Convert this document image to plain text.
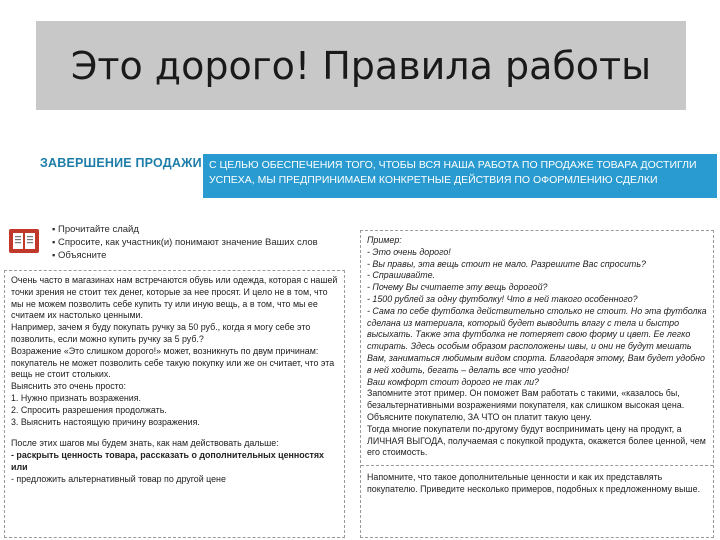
Это дорого! Правила работы
ЗАВЕРШЕНИЕ ПРОДАЖИ С ЦЕЛЬЮ ОБЕСПЕЧЕНИЯ ТОГО, ЧТОБЫ ВСЯ НАША РАБОТА ПО ПРОДАЖЕ ТОВАРА ДОСТИГЛИ УСПЕХА, МЫ ПРЕДПРИНИМАЕМ КОНКРЕТНЫЕ ДЕЙСТВИЯ ПО ОФОРМЛЕНИЮ СДЕЛКИ
▪ Прочитайте слайд
▪ Спросите, как участник(и) понимают значение Ваших слов
▪ Объясните

Очень часто в магазинах нам встречаются обувь или одежда, которая с нашей точки зрения не стоит тех денег, которые за нее просят. И цело не в том, что мы не можем позволить себе купить ту или иную вещь, а в том, что мы ее считаем их настолько ценными.

Например, зачем я буду покупать ручку за 50 руб., когда я могу себе это позволить, если можно купить ручку за 5 руб.?

Возражение «Это слишком дорого!» может, возникнуть по двум причинам: покупатель не может позволить себе такую покупку или же он считает, что эта вещь не стоит стольких.

Выяснить это очень просто:

1. Нужно признать возражения.

2. Спросить разрешения продолжать.

3. Выяснить настоящую причину возражения.

После этих шагов мы будем знать, как нам действовать дальше:

- раскрыть ценность товара, рассказать о дополнительных ценностях или

- предложить альтернативный товар по другой цене

Пример:

- Это очень дорого!

- Вы правы, эта вещь стоит не мало. Разрешите Вас спросить?

- Спрашивайте.

- Почему Вы считаете эту вещь дорогой?

- 1500 рублей за одну футболку! Что в ней такого особенного?

- Сама по себе футболка действительно столько не стоит. Но эта футболка сделана из материала, который будет выводить влагу с тела и быстро высыхать. Также эта футболка не потеряет свою форму и цвет. Ее легко стирать. Здесь особым образом расположены швы, и они не будут мешать Вам, заниматься любимым видом спорта. Благодаря этому, Вам будет удобно в ней ходить, бегать – делать все что угодно!

Ваш комфорт стоит дорого не так ли?

Запомните этот пример. Он поможет Вам работать с такими, «казалось бы, безальтернативными возражениями покупателя, как слишком высокая цена. Объясните покупателю, ЗА ЧТО он платит такую цену.

Тогда многие покупатели по-другому будут воспринимать цену на продукт, а ЛИЧНАЯ ВЫГОДА, получаемая с покупкой продукта, окажется более ценной, чем его стоимость.

Напомните, что такое дополнительные ценности и как их представлять покупателю. Приведите несколько примеров, подобных к предложенному выше.
